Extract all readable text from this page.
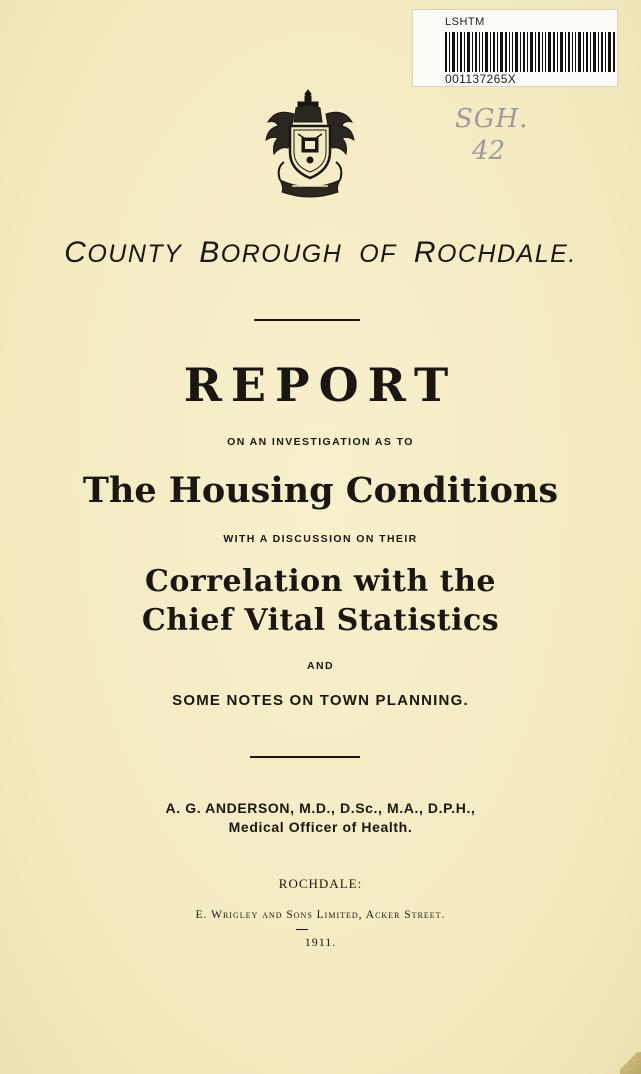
LSHTM
001137265X
SGH.
42
COUNTY BOROUGH OF ROCHDALE.
REPORT
ON AN INVESTIGATION AS TO
The Housing Conditions
WITH A DISCUSSION ON THEIR
Correlation with the
Chief Vital Statistics
AND
SOME NOTES ON TOWN PLANNING.
A. G. ANDERSON, M.D., D.Sc., M.A., D.P.H.,
Medical Officer of Health.
ROCHDALE:
E. Wrigley and Sons Limited, Acker Street.
1911.
